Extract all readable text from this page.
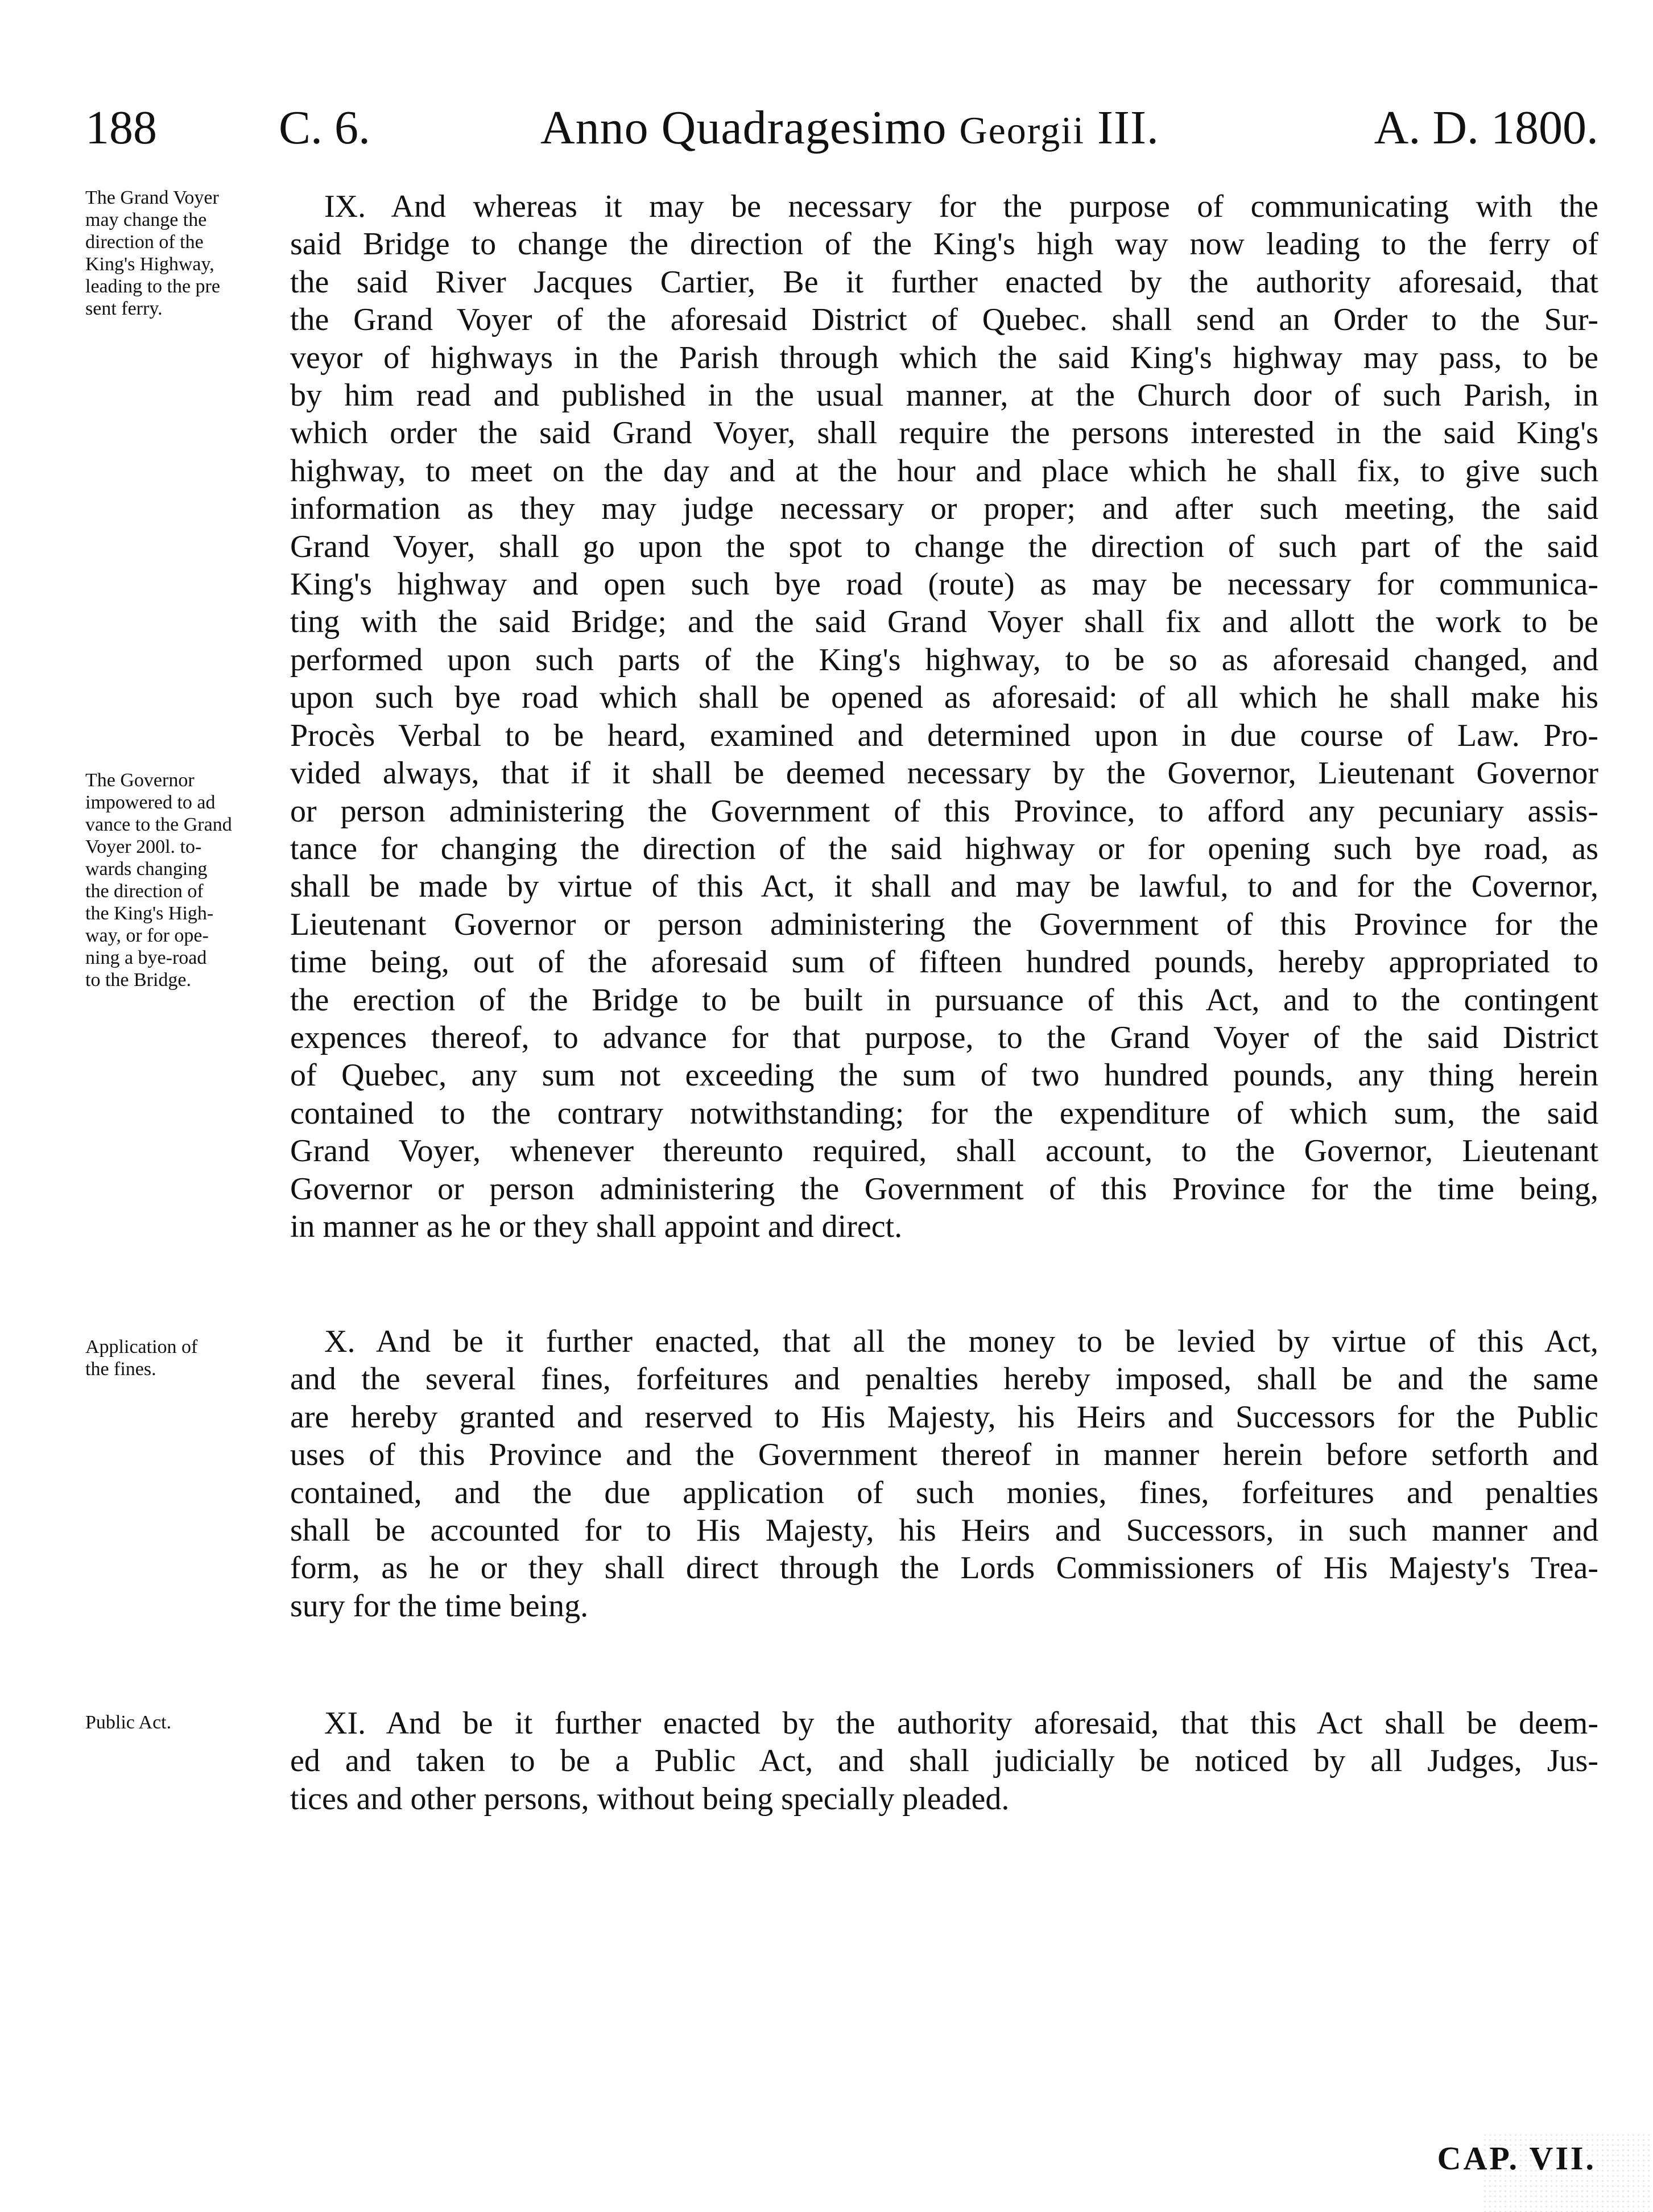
188	C. 6.	Anno Quadragesimo Georgii III.	A. D. 1800.
The Grand Voyer
may change the
direction of the
King's Highway,
leading to the pre
sent ferry.
The Governor
impowered to ad
vance to the Grand
Voyer 200l. to-
wards changing
the direction of
the King's High-
way, or for ope-
ning a bye-road
to the Bridge.
Application of
the fines.
Public Act.
IX. And whereas it may be necessary for the purpose of communicating with the
said Bridge to change the direction of the King's high way now leading to the ferry of
the said River Jacques Cartier, Be it further enacted by the authority aforesaid, that
the Grand Voyer of the aforesaid District of Quebec. shall send an Order to the Sur-
veyor of highways in the Parish through which the said King's highway may pass, to be
by him read and published in the usual manner, at the Church door of such Parish, in
which order the said Grand Voyer, shall require the persons interested in the said King's
highway, to meet on the day and at the hour and place which he shall fix, to give such
information as they may judge necessary or proper; and after such meeting, the said
Grand Voyer, shall go upon the spot to change the direction of such part of the said
King's highway and open such bye road (route) as may be necessary for communica-
ting with the said Bridge; and the said Grand Voyer shall fix and allott the work to be
performed upon such parts of the King's highway, to be so as aforesaid changed, and
upon such bye road which shall be opened as aforesaid: of all which he shall make his
Procès Verbal to be heard, examined and determined upon in due course of Law. Pro-
vided always, that if it shall be deemed necessary by the Governor, Lieutenant Governor
or person administering the Government of this Province, to afford any pecuniary assis-
tance for changing the direction of the said highway or for opening such bye road, as
shall be made by virtue of this Act, it shall and may be lawful, to and for the Covernor,
Lieutenant Governor or person administering the Government of this Province for the
time being, out of the aforesaid sum of fifteen hundred pounds, hereby appropriated to
the erection of the Bridge to be built in pursuance of this Act, and to the contingent
expences thereof, to advance for that purpose, to the Grand Voyer of the said District
of Quebec, any sum not exceeding the sum of two hundred pounds, any thing herein
contained to the contrary notwithstanding; for the expenditure of which sum, the said
Grand Voyer, whenever thereunto required, shall account, to the Governor, Lieutenant
Governor or person administering the Government of this Province for the time being,
in manner as he or they shall appoint and direct.
X. And be it further enacted, that all the money to be levied by virtue of this Act,
and the several fines, forfeitures and penalties hereby imposed, shall be and the same
are hereby granted and reserved to His Majesty, his Heirs and Successors for the Public
uses of this Province and the Government thereof in manner herein before setforth and
contained, and the due application of such monies, fines, forfeitures and penalties
shall be accounted for to His Majesty, his Heirs and Successors, in such manner and
form, as he or they shall direct through the Lords Commissioners of His Majesty's Trea-
sury for the time being.
XI. And be it further enacted by the authority aforesaid, that this Act shall be deem-
ed and taken to be a Public Act, and shall judicially be noticed by all Judges, Jus-
tices and other persons, without being specially pleaded.
CAP. VII.
